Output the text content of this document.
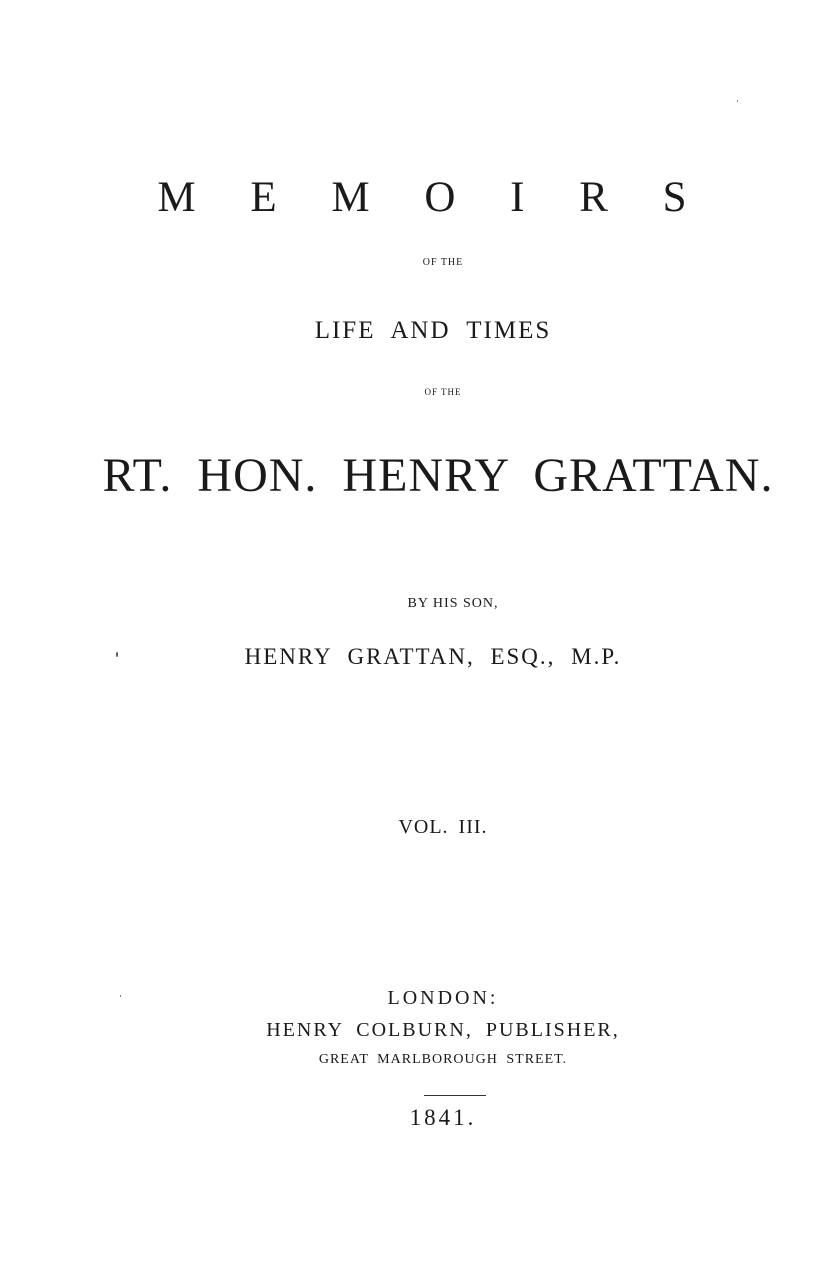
M E M O I R S
OF THE
LIFE AND TIMES
OF THE
RT. HON. HENRY GRATTAN.
BY HIS SON,
HENRY GRATTAN, ESQ., M.P.
VOL. III.
LONDON:
HENRY COLBURN, PUBLISHER,
GREAT MARLBOROUGH STREET.
1841.
